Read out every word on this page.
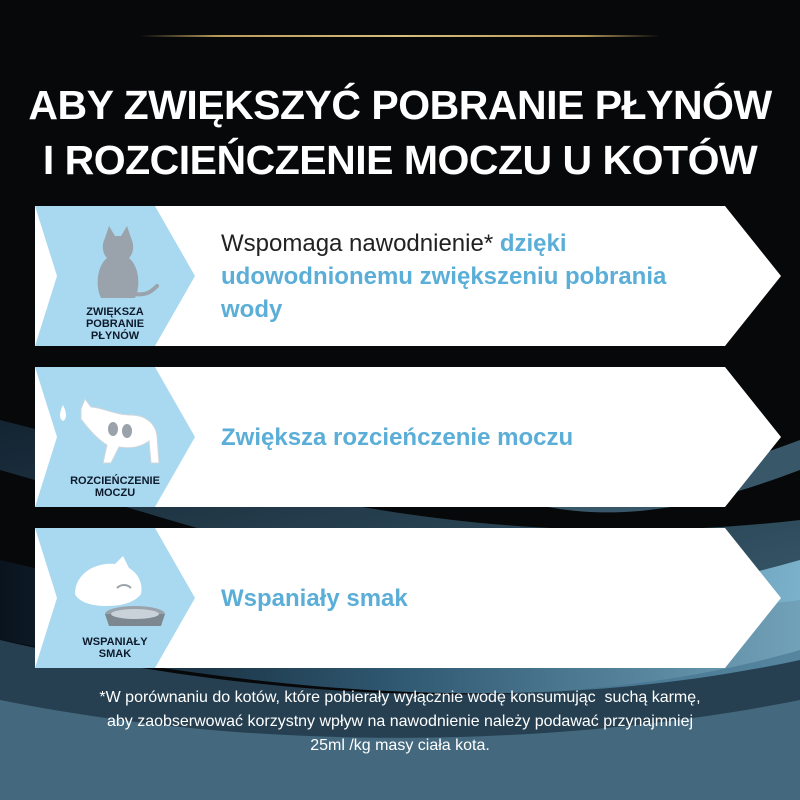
ABY ZWIĘKSZYĆ POBRANIE PŁYNÓW
I ROZCIEŃCZENIE MOCZU U KOTÓW
ZWIĘKSZA
POBRANIE
PŁYNÓW
Wspomaga nawodnienie* dzięki udowodnionemu zwiększeniu pobrania wody
ROZCIEŃCZENIE
MOCZU
Zwiększa rozcieńczenie moczu
WSPANIAŁY
SMAK
Wspaniały smak
*W porównaniu do kotów, które pobierały wyłącznie wodę konsumując  suchą karmę,
aby zaobserwować korzystny wpływ na nawodnienie należy podawać przynajmniej
25ml /kg masy ciała kota.
